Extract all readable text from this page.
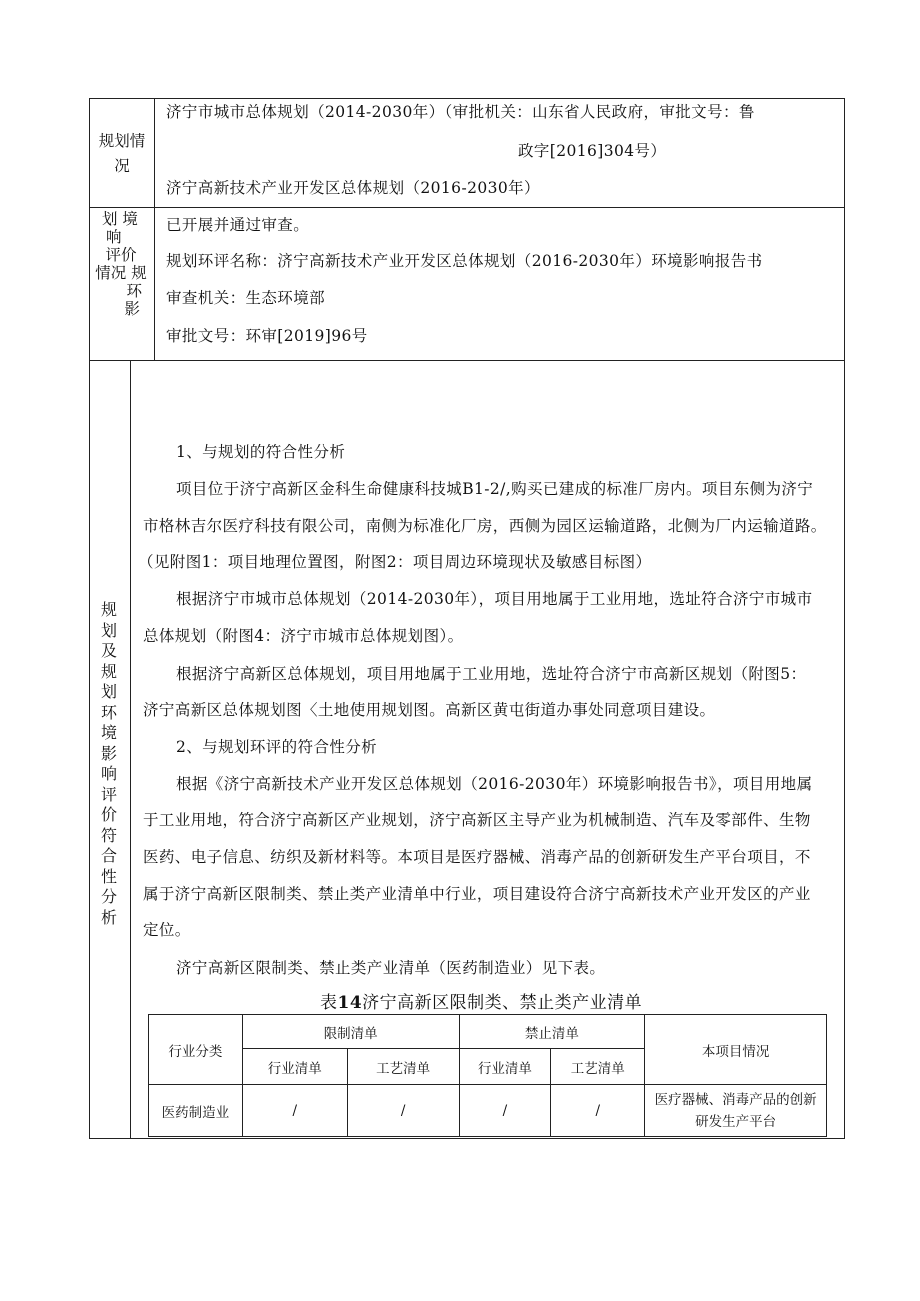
规划情
况
济宁市城市总体规划（2014-2030年）（审批机关：山东省人民政府，审批文号：鲁
政字[2016]304号）
济宁高新技术产业开发区总体规划（2016-2030年）
划 境
响
评价
情况 规
环
影
已开展并通过审查。
规划环评名称：济宁高新技术产业开发区总体规划（2016-2030年）环境影响报告书
审查机关：生态环境部
审批文号：环审[2019]96号
规划及规划环境影响评价符合性分析
1、与规划的符合性分析
项目位于济宁高新区金科生命健康科技城B1-2/,购买已建成的标准厂房内。项目东侧为济宁
市格林吉尔医疗科技有限公司，南侧为标准化厂房，西侧为园区运输道路，北侧为厂内运输道路。
（见附图1：项目地理位置图，附图2：项目周边环境现状及敏感目标图）
根据济宁市城市总体规划（2014-2030年），项目用地属于工业用地，选址符合济宁市城市
总体规划（附图4：济宁市城市总体规划图）。
根据济宁高新区总体规划，项目用地属于工业用地，选址符合济宁市高新区规划（附图5：
济宁高新区总体规划图〈土地使用规划图。高新区黄屯街道办事处同意项目建设。
2、与规划环评的符合性分析
根据《济宁高新技术产业开发区总体规划（2016-2030年）环境影响报告书》，项目用地属
于工业用地，符合济宁高新区产业规划，济宁高新区主导产业为机械制造、汽车及零部件、生物
医药、电子信息、纺织及新材料等。本项目是医疗器械、消毒产品的创新研发生产平台项目，不
属于济宁高新区限制类、禁止类产业清单中行业，项目建设符合济宁高新技术产业开发区的产业
定位。
济宁高新区限制类、禁止类产业清单（医药制造业）见下表。
表14济宁高新区限制类、禁止类产业清单
行业分类	限制清单		禁止清单		本项目情况
	行业清单	工艺清单	行业清单	工艺清单	
医药制造业	/	/	/	/	医疗器械、消毒产品的创新
研发生产平台
